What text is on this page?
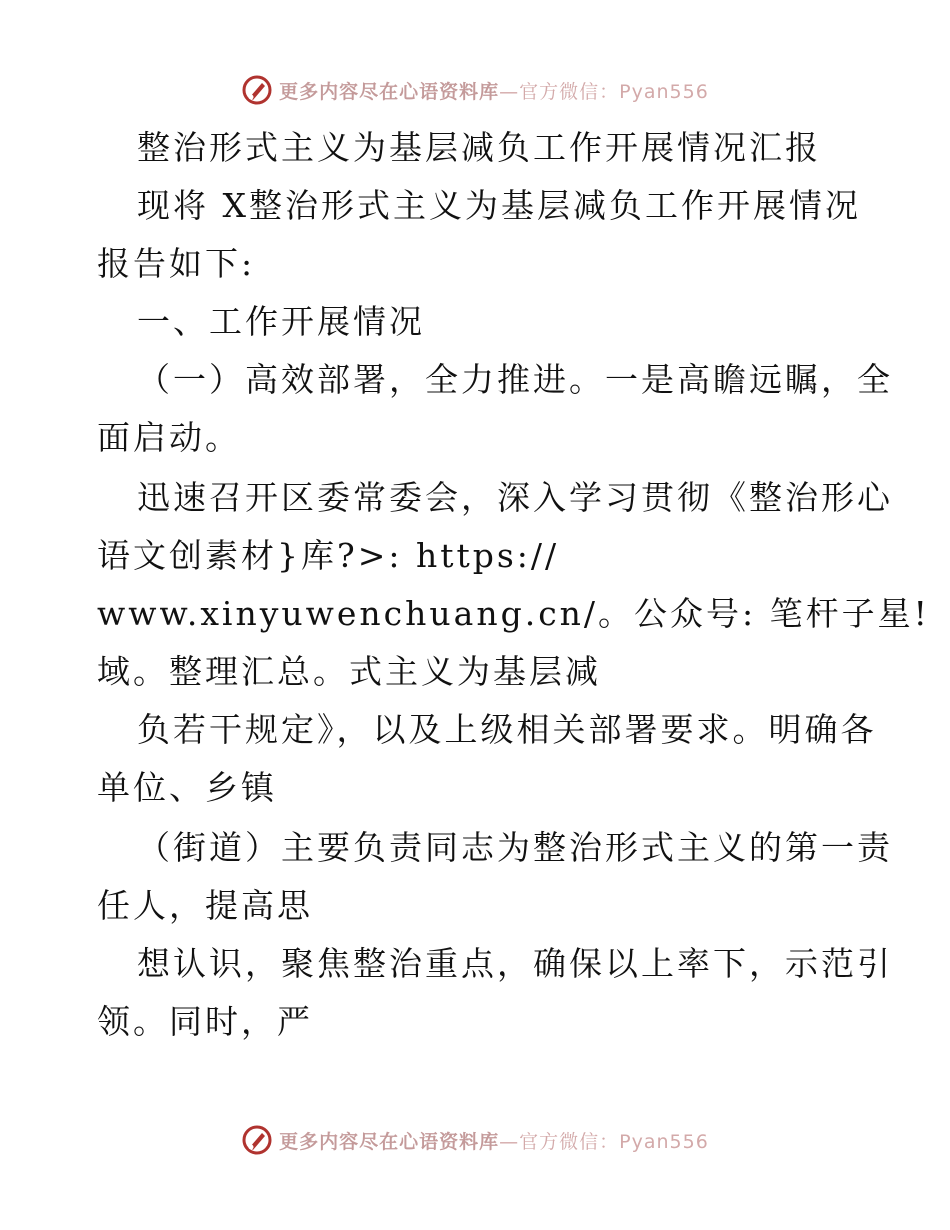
更多内容尽在心语资料库 —官方微信：Pyan556
整治形式主义为基层减负工作开展情况汇报
现将 X整治形式主义为基层减负工作开展情况
报告如下:
一、工作开展情况
（一）高效部署，全力推进。一是高瞻远瞩，全
面启动。
迅速召开区委常委会，深入学习贯彻《整治形心
语文创素材}库?>: https://
www.xinyuwenchuang.cn/。公众号: 笔杆子星!
域。整理汇总。式主义为基层减
负若干规定》，以及上级相关部署要求。明确各
单位、乡镇
（街道）主要负责同志为整治形式主义的第一责
任人，提高思
想认识，聚焦整治重点，确保以上率下，示范引
领。同时，严
更多内容尽在心语资料库 —官方微信：Pyan556
